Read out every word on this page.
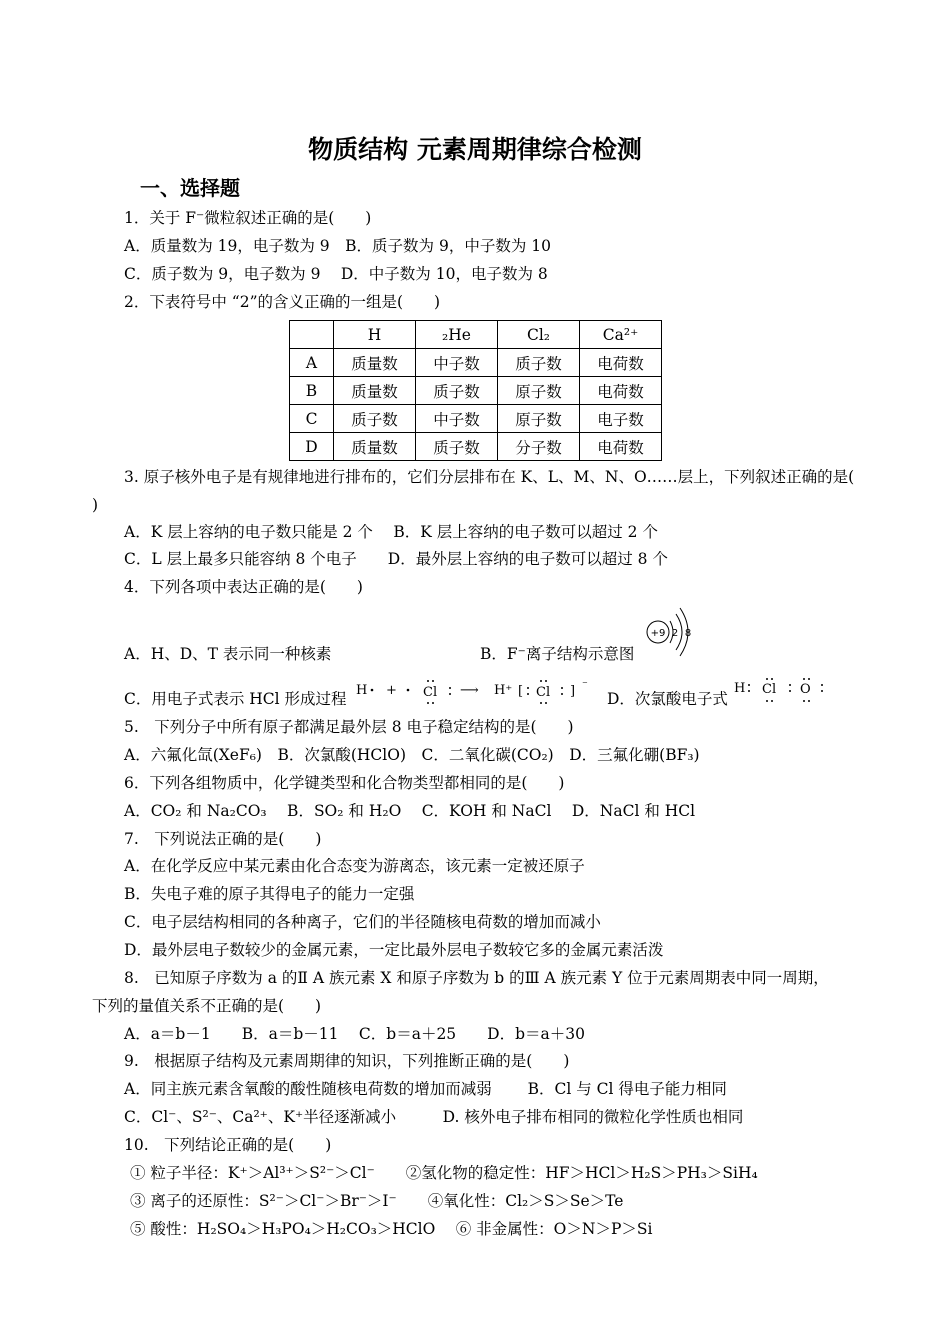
物质结构 元素周期律综合检测
一、选择题
1．关于 F⁻微粒叙述正确的是(　　)
A．质量数为 19，电子数为 9　B．质子数为 9，中子数为 10
C．质子数为 9，电子数为 9　 D．中子数为 10，电子数为 8
2．下表符号中 “2”的含义正确的一组是(　　)
	H	₂He	Cl₂	Ca²⁺
A	质量数	中子数	质子数	电荷数
B	质量数	质子数	原子数	电荷数
C	质子数	中子数	原子数	电子数
D	质量数	质子数	分子数	电荷数
3. 原子核外电子是有规律地进行排布的，它们分层排布在 K、L、M、N、O……层上，下列叙述正确的是(
)
A．K 层上容纳的电子数只能是 2 个　 B．K 层上容纳的电子数可以超过 2 个
C．L 层上最多只能容纳 8 个电子　　D．最外层上容纳的电子数可以超过 8 个
4．下列各项中表达正确的是(　　)
A．H、D、T 表示同一种核素	B．F⁻离子结构示意图
+9 2 8
C．用电子式表示 HCl 形成过程 H + Cl ⟶ H⁺ [ Cl ] ⁻
D．次氯酸电子式
H Cl O
5.　下列分子中所有原子都满足最外层 8 电子稳定结构的是(　　)
A．六氟化氙(XeF₆)　B．次氯酸(HClO)　C．二氧化碳(CO₂)　D．三氟化硼(BF₃)
6．下列各组物质中，化学键类型和化合物类型都相同的是(　　)
A．CO₂ 和 Na₂CO₃　 B．SO₂ 和 H₂O　 C．KOH 和 NaCl　 D．NaCl 和 HCl
7.　下列说法正确的是(　　)
A．在化学反应中某元素由化合态变为游离态，该元素一定被还原子
B．失电子难的原子其得电子的能力一定强
C．电子层结构相同的各种离子，它们的半径随核电荷数的增加而减小
D．最外层电子数较少的金属元素，一定比最外层电子数较它多的金属元素活泼
8.　已知原子序数为 a 的Ⅱ A 族元素 X 和原子序数为 b 的Ⅲ A 族元素 Y 位于元素周期表中同一周期，
下列的量值关系不正确的是(　　)
A．a＝b－1　　B．a＝b－11　 C．b＝a＋25　　D．b＝a＋30
9.　根据原子结构及元素周期律的知识，下列推断正确的是(　　)
A．同主族元素含氧酸的酸性随核电荷数的增加而减弱　　 B．Cl 与 Cl 得电子能力相同
C．Cl⁻、S²⁻、Ca²⁺、K⁺半径逐渐减小　　　D. 核外电子排布相同的微粒化学性质也相同
10.　下列结论正确的是(　　)
① 粒子半径：K⁺＞Al³⁺＞S²⁻＞Cl⁻　　②氢化物的稳定性：HF＞HCl＞H₂S＞PH₃＞SiH₄
③ 离子的还原性：S²⁻＞Cl⁻＞Br⁻＞I⁻　　④氧化性：Cl₂＞S＞Se＞Te
⑤ 酸性：H₂SO₄＞H₃PO₄＞H₂CO₃＞HClO　 ⑥ 非金属性：O＞N＞P＞Si
